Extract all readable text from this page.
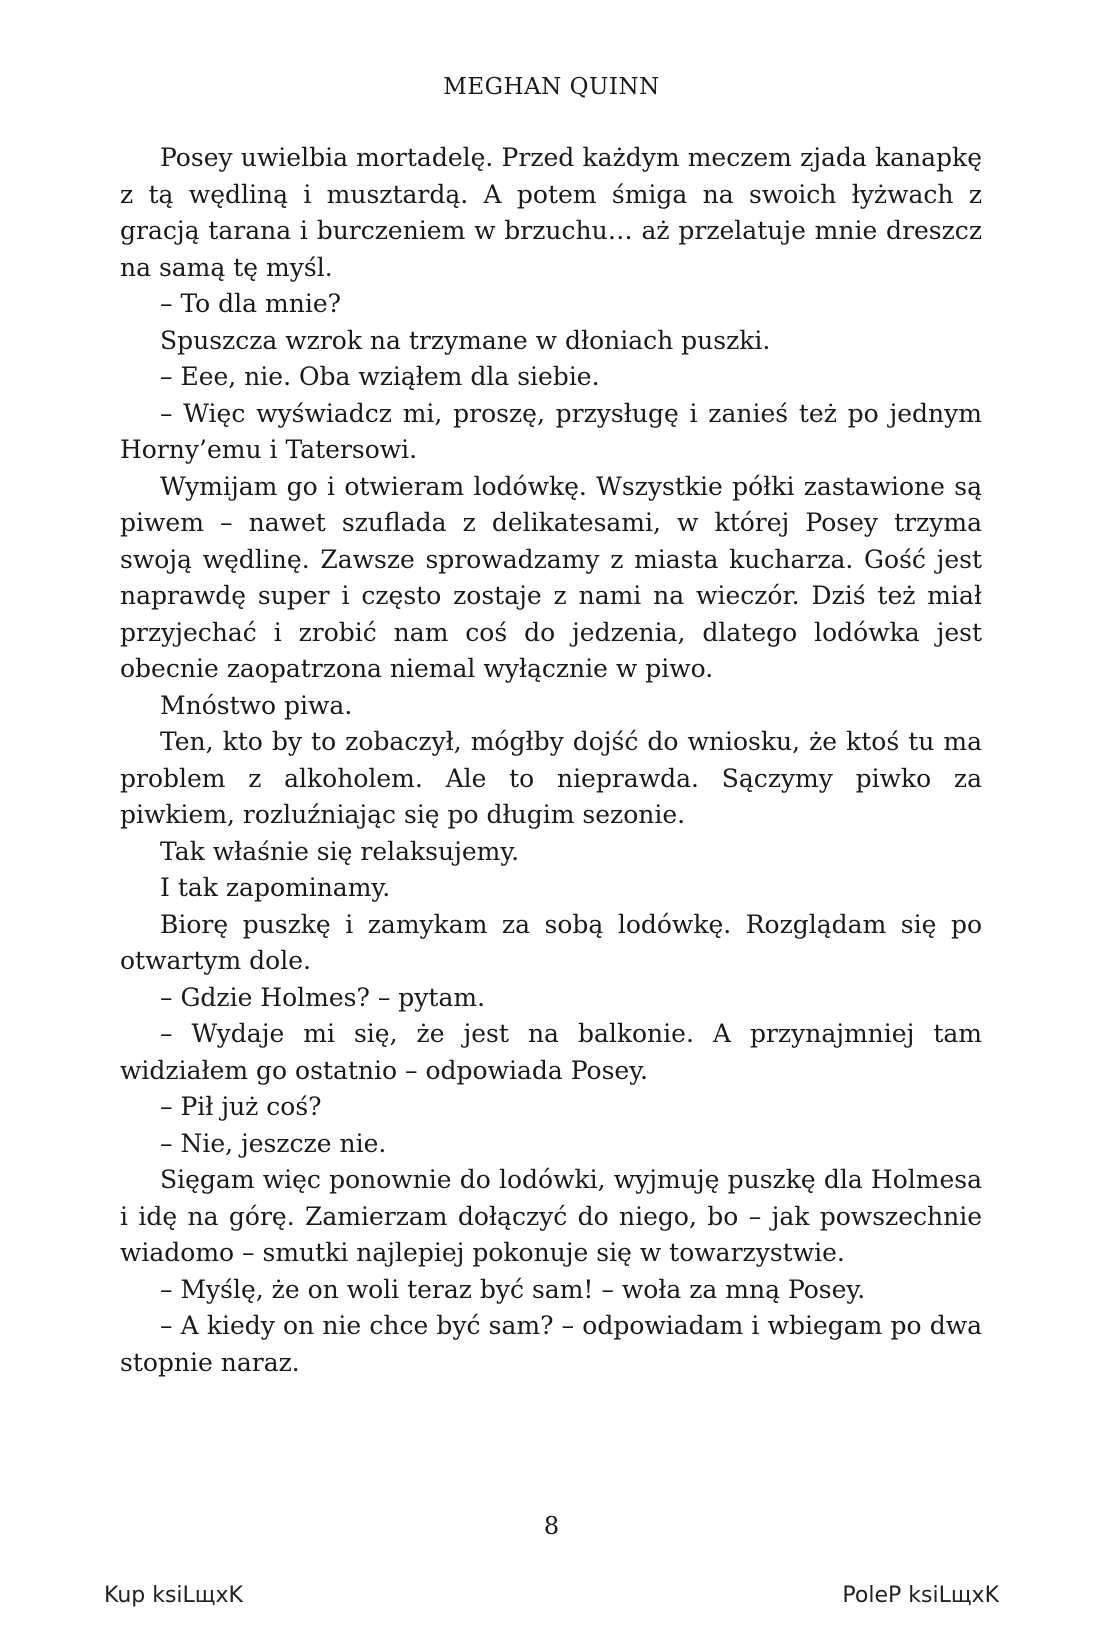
MEGHAN QUINN

Posey uwielbia mortadelę. Przed każdym meczem zjada kanapkę z tą wędliną i musztardą. A potem śmiga na swoich łyżwach z gracją tarana i burczeniem w brzuchu… aż przelatuje mnie dreszcz na samą tę myśl.

– To dla mnie?

Spuszcza wzrok na trzymane w dłoniach puszki.

– Eee, nie. Oba wziąłem dla siebie.

– Więc wyświadcz mi, proszę, przysługę i zanieś też po jednym Horny’emu i Tatersowi.

Wymijam go i otwieram lodówkę. Wszystkie półki zastawione są piwem – nawet szuflada z delikatesami, w której Posey trzyma swoją wędlinę. Zawsze sprowadzamy z miasta kucharza. Gość jest naprawdę super i często zostaje z nami na wieczór. Dziś też miał przyjechać i zrobić nam coś do jedzenia, dlatego lodówka jest obecnie zaopatrzona niemal wyłącznie w piwo.

Mnóstwo piwa.

Ten, kto by to zobaczył, mógłby dojść do wniosku, że ktoś tu ma problem z alkoholem. Ale to nieprawda. Sączymy piwko za piwkiem, rozluźniając się po długim sezonie.

Tak właśnie się relaksujemy.

I tak zapominamy.

Biorę puszkę i zamykam za sobą lodówkę. Rozglądam się po otwartym dole.

– Gdzie Holmes? – pytam.

– Wydaje mi się, że jest na balkonie. A przynajmniej tam widziałem go ostatnio – odpowiada Posey.

– Pił już coś?

– Nie, jeszcze nie.

Sięgam więc ponownie do lodówki, wyjmuję puszkę dla Holmesa i idę na górę. Zamierzam dołączyć do niego, bo – jak powszechnie wiadomo – smutki najlepiej pokonuje się w towarzystwie.

– Myślę, że on woli teraz być sam! – woła za mną Posey.

– A kiedy on nie chce być sam? – odpowiadam i wbiegam po dwa stopnie naraz.

8
Kup ksiLщxK	PoleP ksiLщxK
